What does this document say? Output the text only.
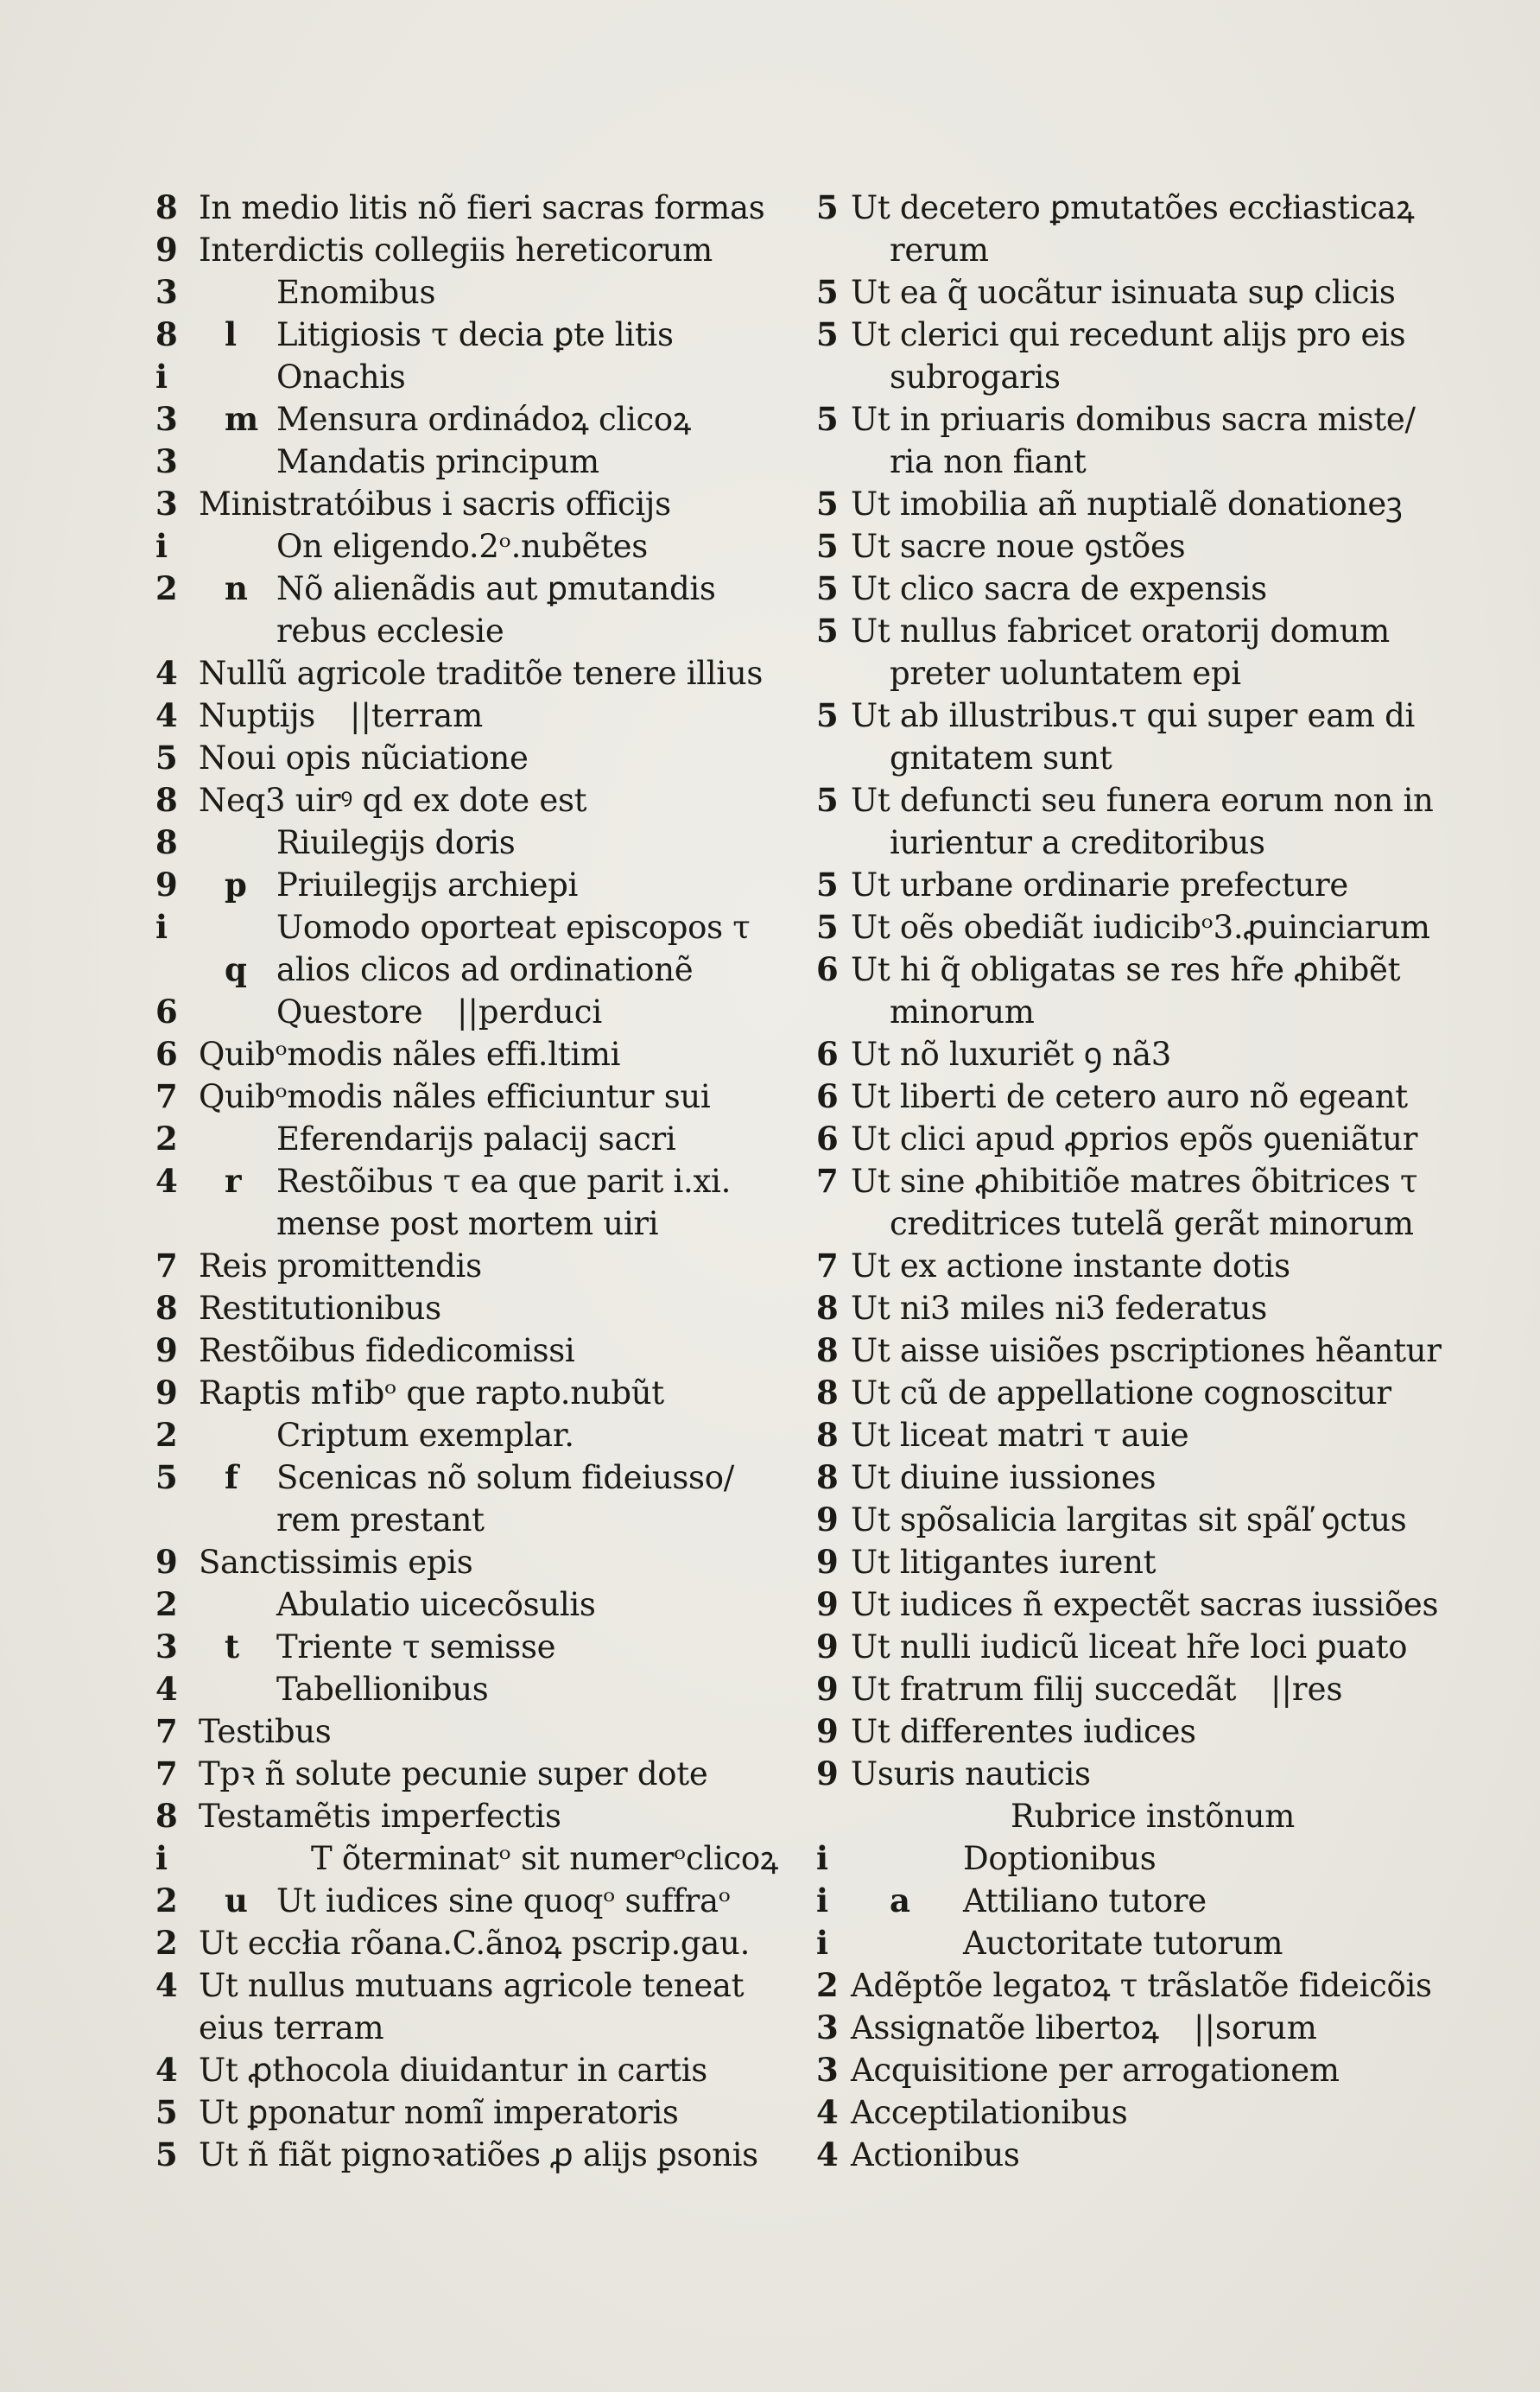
8 In medio litis nõ fieri sacras formas
9 Interdictis collegiis hereticorum
3	Enomibus
8 l Litigiosis τ decia ꝑte litis
i	Onachis
3 m Mensura ordinádoꝝ clicoꝝ
3	Mandatis principum
3 Ministratóibus i sacris officijs
i	On eligendo.2ᵒ.nubẽtes
2 n Nõ alienãdis aut ꝑmutandis
rebus ecclesie
4 Nullũ agricole traditõe tenere illius
4 Nuptijs ||terram
5 Noui opis nũciatione
8 Neq3 uirꝰ qd ex dote est
8	Riuilegijs doris
9 p Priuilegijs archiepi
i	Uomodo oporteat episcopos τ
q alios clicos ad ordinationẽ
6	Questore ||perduci
6 Quibᵒmodis nãles effi.ltimi
7 Quibᵒmodis nãles efficiuntur sui
2	Eferendarijs palacij sacri
4 r Restõibus τ ea que parit i.xi.
mense post mortem uiri
7 Reis promittendis
8 Restitutionibus
9 Restõibus fidedicomissi
9 Raptis mꝉibᵒ que rapto.nubũt
2	Criptum exemplar.
5 f Scenicas nõ solum fideiusso/
rem prestant
9 Sanctissimis epis
2	Abulatio uicecõsulis
3 t Triente τ semisse
4	Tabellionibus
7 Testibus
7 Tpꝛ ñ solute pecunie super dote
8 Testamẽtis imperfectis
i	T õterminatᵒ sit numerᵒclicoꝝ
2 u Ut iudices sine quoqᵒ suffraᵒ
2 Ut eccłia rõana.C.ãnoꝝ pscrip.gau.
4 Ut nullus mutuans agricole teneat
eius terram
4 Ut ꝓthocola diuidantur in cartis
5 Ut ꝑponatur nomĩ imperatoris
5 Ut ñ fiãt pignoꝛatiões ꝓ alijs ꝑsonis
5 Ut decetero ꝑmutatões eccłiasticaꝝ
rerum
5 Ut ea q̃ uocãtur isinuata suꝑ clicis
5 Ut clerici qui recedunt alijs pro eis
subrogaris
5 Ut in priuaris domibus sacra miste/
ria non fiant
5 Ut imobilia añ nuptialẽ donationeꝫ
5 Ut sacre noue ꝯstões
5 Ut clico sacra de expensis
5 Ut nullus fabricet oratorij domum
preter uoluntatem epi
5 Ut ab illustribus.τ qui super eam di
gnitatem sunt
5 Ut defuncti seu funera eorum non in
iurientur a creditoribus
5 Ut urbane ordinarie prefecture
5 Ut oẽs obediãt iudicibᵒ3.ꝓuinciarum
6 Ut hi q̃ obligatas se res hr̃e ꝓhibẽt
minorum
6 Ut nõ luxuriẽt ꝯ nã3
6 Ut liberti de cetero auro nõ egeant
6 Ut clici apud ꝓprios epõs ꝯueniãtur
7 Ut sine ꝓhibitiõe matres õbitrices τ
creditrices tutelã gerãt minorum
7 Ut ex actione instante dotis
8 Ut ni3 miles ni3 federatus
8 Ut aisse uisiões pscriptiones hẽantur
8 Ut cũ de appellatione cognoscitur
8 Ut liceat matri τ auie
8 Ut diuine iussiones
9 Ut spõsalicia largitas sit spãľ ꝯctus
9 Ut litigantes iurent
9 Ut iudices ñ expectẽt sacras iussiões
9 Ut nulli iudicũ liceat hr̃e loci ꝑuato
9 Ut fratrum filij succedãt ||res
9 Ut differentes iudices
9 Usuris nauticis
Rubrice instõnum
i	Doptionibus
i a Attiliano tutore
i	Auctoritate tutorum
2 Adẽptõe legatoꝝ τ trãslatõe fideicõis
3 Assignatõe libertoꝝ ||sorum
3 Acquisitione per arrogationem
4 Acceptilationibus
4 Actionibus
